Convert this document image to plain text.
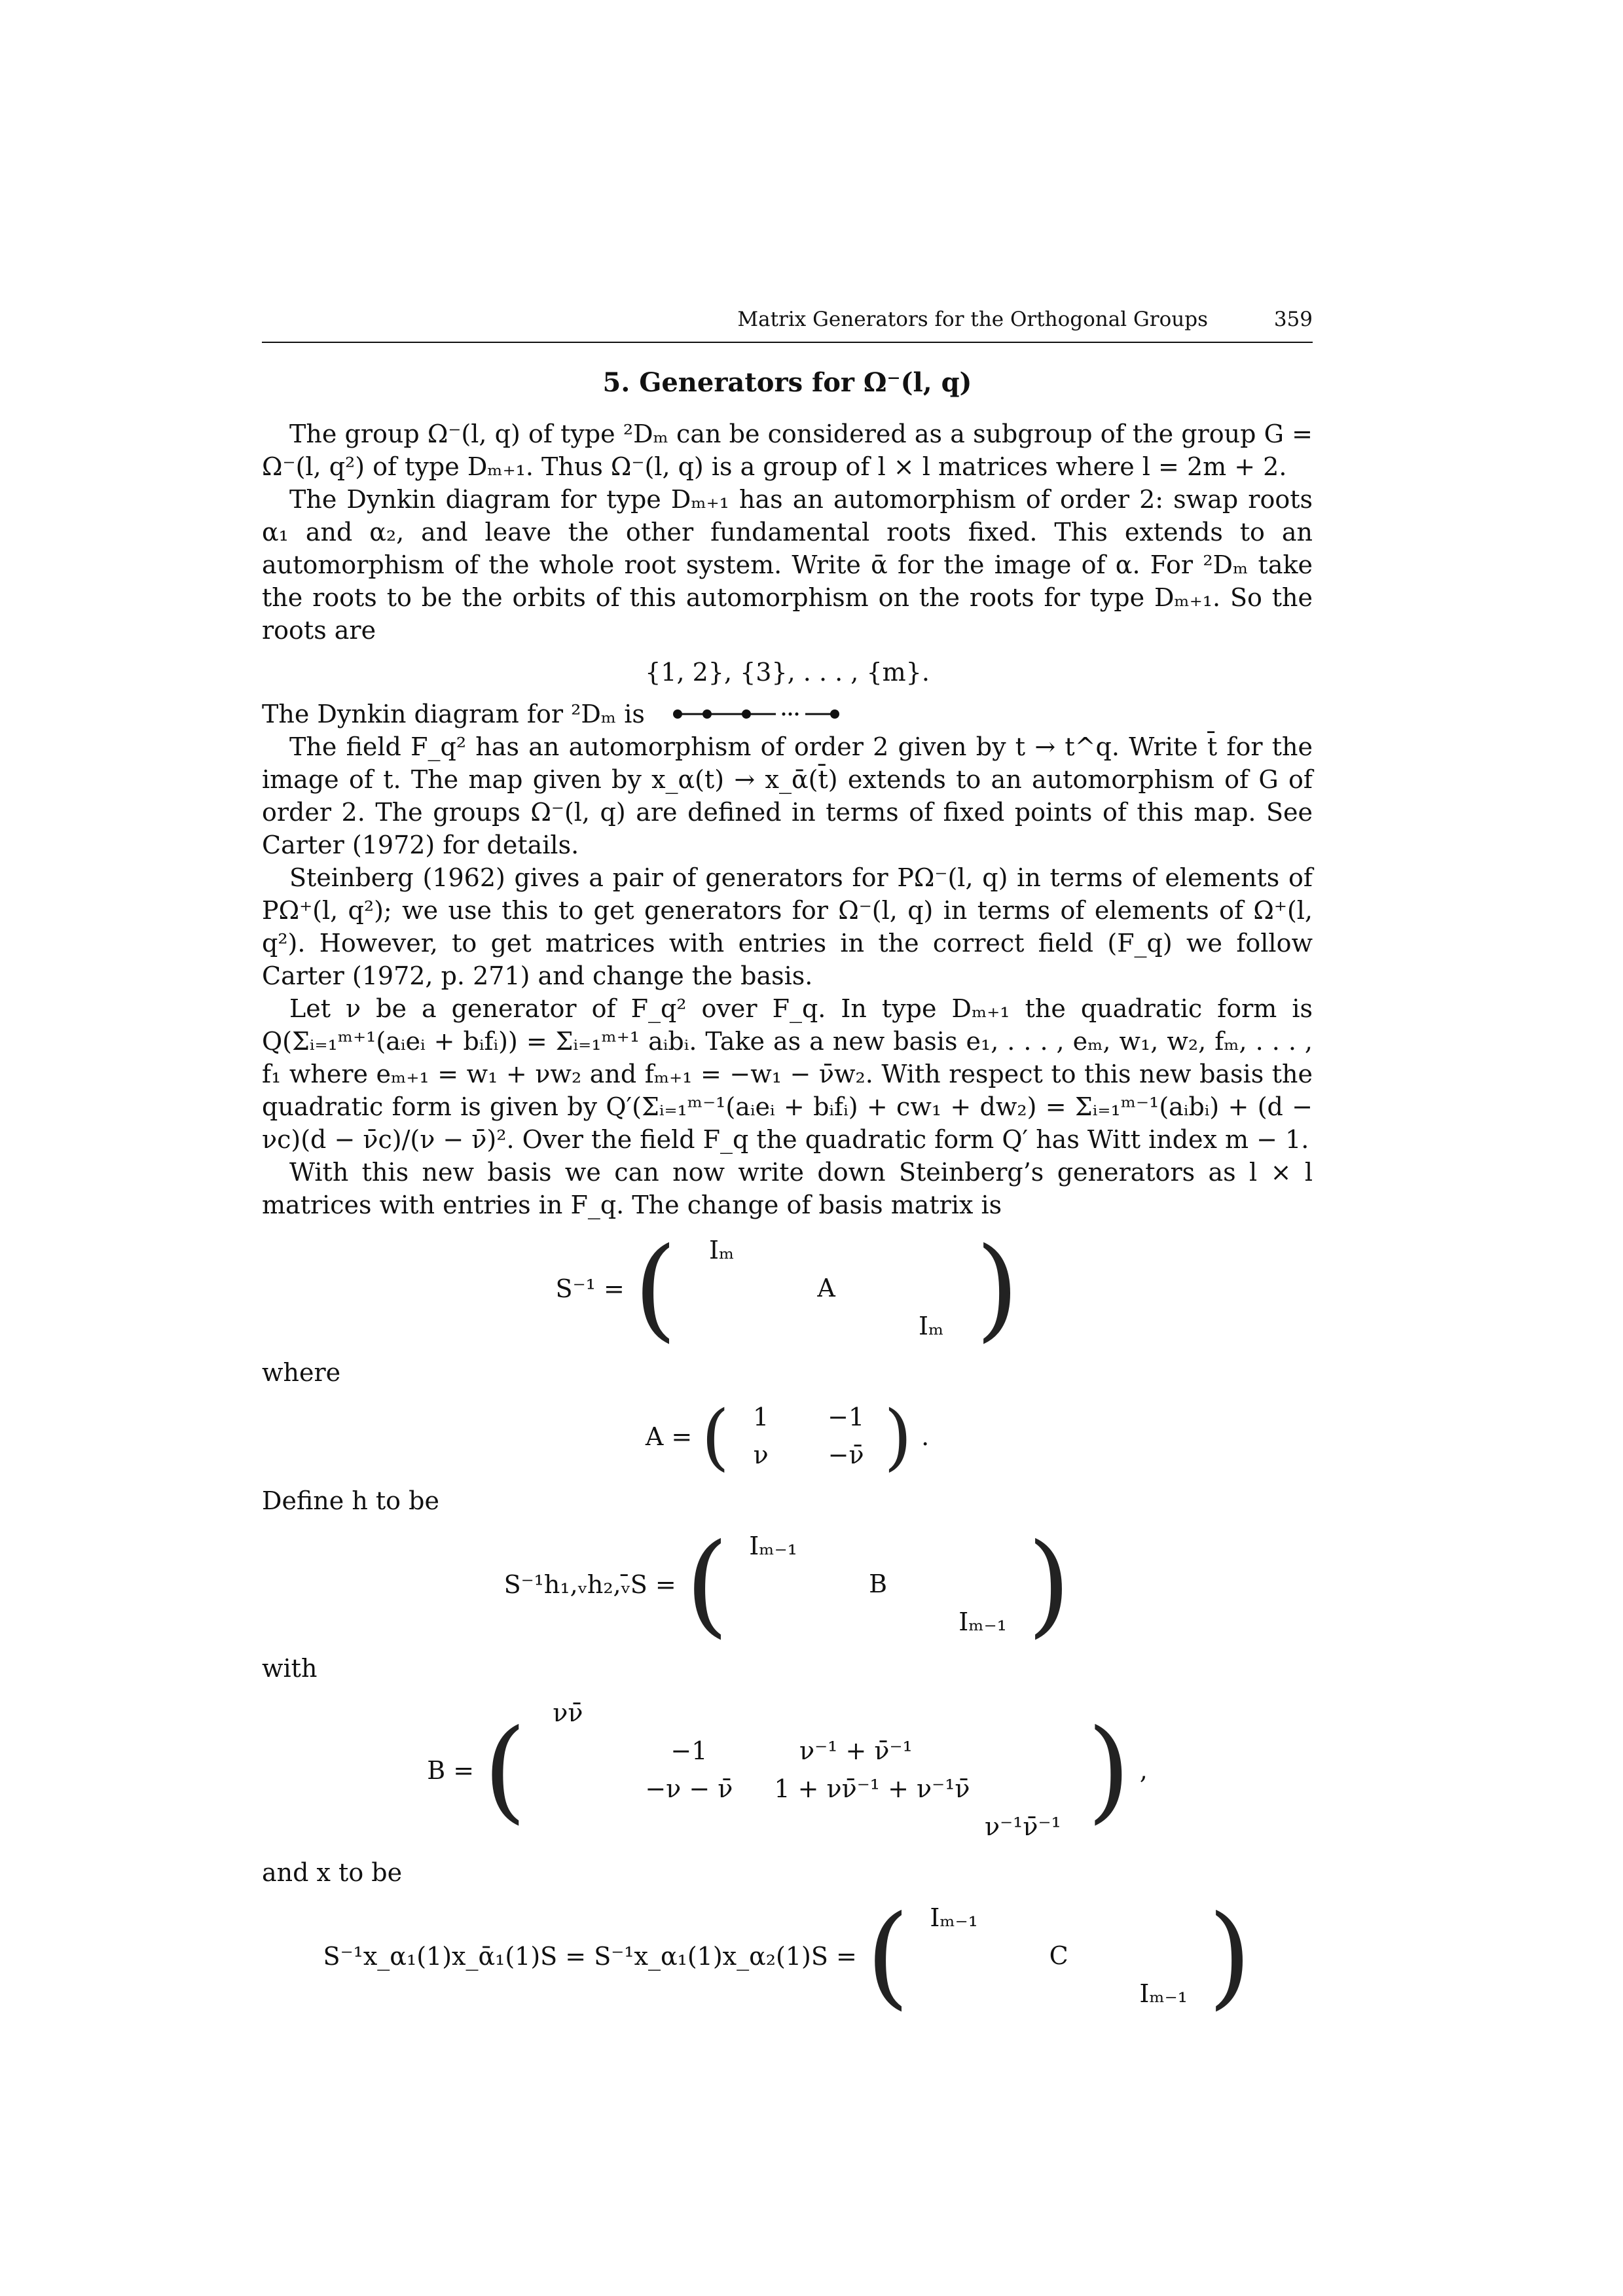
Matrix Generators for the Orthogonal Groups	359
5. Generators for Ω⁻(l, q)

The group Ω⁻(l, q) of type ²Dₘ can be considered as a subgroup of the group G = Ω⁻(l, q²) of type Dₘ₊₁. Thus Ω⁻(l, q) is a group of l × l matrices where l = 2m + 2.

The Dynkin diagram for type Dₘ₊₁ has an automorphism of order 2: swap roots α₁ and α₂, and leave the other fundamental roots fixed. This extends to an automorphism of the whole root system. Write ᾱ for the image of α. For ²Dₘ take the roots to be the orbits of this automorphism on the roots for type Dₘ₊₁. So the roots are

{1, 2}, {3}, . . . , {m}.
The Dynkin diagram for ²Dₘ is

The field F_q² has an automorphism of order 2 given by t → t^q. Write t̄ for the image of t. The map given by x_α(t) → x_ᾱ(t̄) extends to an automorphism of G of order 2. The groups Ω⁻(l, q) are defined in terms of fixed points of this map. See Carter (1972) for details.

Steinberg (1962) gives a pair of generators for PΩ⁻(l, q) in terms of elements of PΩ⁺(l, q²); we use this to get generators for Ω⁻(l, q) in terms of elements of Ω⁺(l, q²). However, to get matrices with entries in the correct field (F_q) we follow Carter (1972, p. 271) and change the basis.

Let ν be a generator of F_q² over F_q. In type Dₘ₊₁ the quadratic form is Q(Σᵢ₌₁ᵐ⁺¹(aᵢeᵢ + bᵢfᵢ)) = Σᵢ₌₁ᵐ⁺¹ aᵢbᵢ. Take as a new basis e₁, . . . , eₘ, w₁, w₂, fₘ, . . . , f₁ where eₘ₊₁ = w₁ + νw₂ and fₘ₊₁ = −w₁ − ν̄w₂. With respect to this new basis the quadratic form is given by Q′(Σᵢ₌₁ᵐ⁻¹(aᵢeᵢ + bᵢfᵢ) + cw₁ + dw₂) = Σᵢ₌₁ᵐ⁻¹(aᵢbᵢ) + (d − νc)(d − ν̄c)/(ν − ν̄)². Over the field F_q the quadratic form Q′ has Witt index m − 1.

With this new basis we can now write down Steinberg’s generators as l × l matrices with entries in F_q. The change of basis matrix is

S⁻¹ = (	Iₘ
A
Iₘ )
where
A = ( 1	−1
ν	−ν̄ ) .
Define h to be
S⁻¹h₁,ᵥh₂,ᵥ̄S = ( Iₘ₋₁
B
Iₘ₋₁ )
with
B = (	νν̄
−1	ν⁻¹ + ν̄⁻¹
−ν − ν̄	1 + νν̄⁻¹ + ν⁻¹ν̄
ν⁻¹ν̄⁻¹ ) ,
and x to be
S⁻¹x_α₁(1)x_ᾱ₁(1)S = S⁻¹x_α₁(1)x_α₂(1)S = ( Iₘ₋₁
C
Iₘ₋₁ )
